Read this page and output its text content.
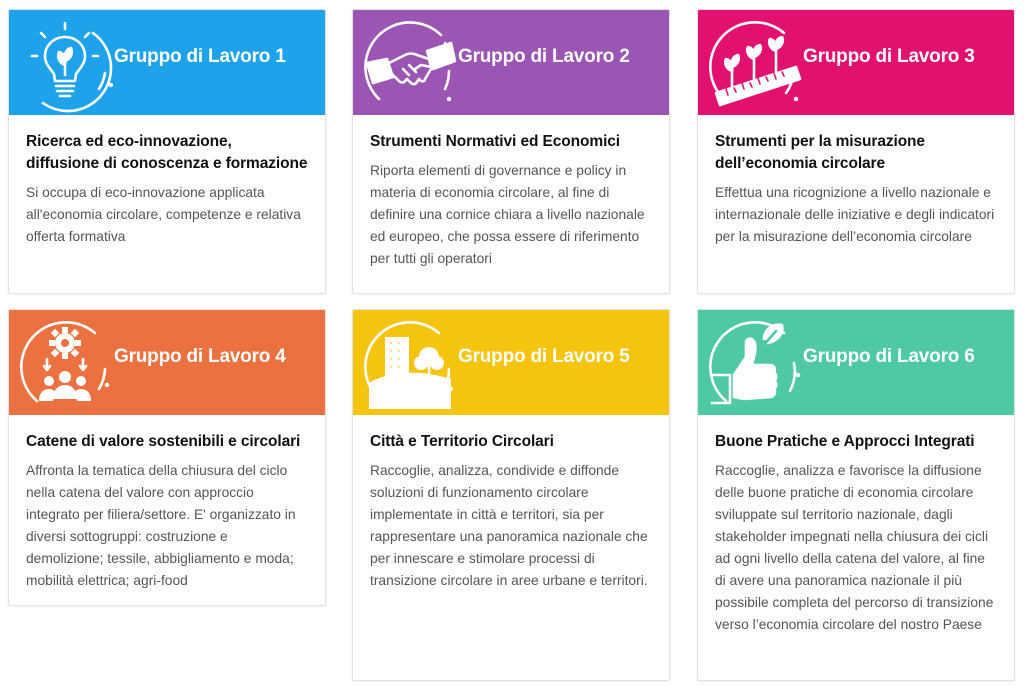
Gruppo di Lavoro 1
Ricerca ed eco-innovazione, diffusione di conoscenza e formazione
Si occupa di eco-innovazione applicata all'economia circolare, competenze e relativa offerta formativa
Gruppo di Lavoro 2
Strumenti Normativi ed Economici
Riporta elementi di governance e policy in materia di economia circolare, al fine di definire una cornice chiara a livello nazionale ed europeo, che possa essere di riferimento per tutti gli operatori
Gruppo di Lavoro 3
Strumenti per la misurazione dell’economia circolare
Effettua una ricognizione a livello nazionale e internazionale delle iniziative e degli indicatori per la misurazione dell’economia circolare
Gruppo di Lavoro 4
Catene di valore sostenibili e circolari
Affronta la tematica della chiusura del ciclo nella catena del valore con approccio integrato per filiera/settore. E' organizzato in diversi sottogruppi: costruzione e demolizione; tessile, abbigliamento e moda; mobilità elettrica; agri-food
Gruppo di Lavoro 5
Città e Territorio Circolari
Raccoglie, analizza, condivide e diffonde soluzioni di funzionamento circolare implementate in città e territori, sia per rappresentare una panoramica nazionale che per innescare e stimolare processi di transizione circolare in aree urbane e territori.
Gruppo di Lavoro 6
Buone Pratiche e Approcci Integrati
Raccoglie, analizza e favorisce la diffusione delle buone pratiche di economia circolare sviluppate sul territorio nazionale, dagli stakeholder impegnati nella chiusura dei cicli ad ogni livello della catena del valore, al fine di avere una panoramica nazionale il più possibile completa del percorso di transizione verso l’economia circolare del nostro Paese
